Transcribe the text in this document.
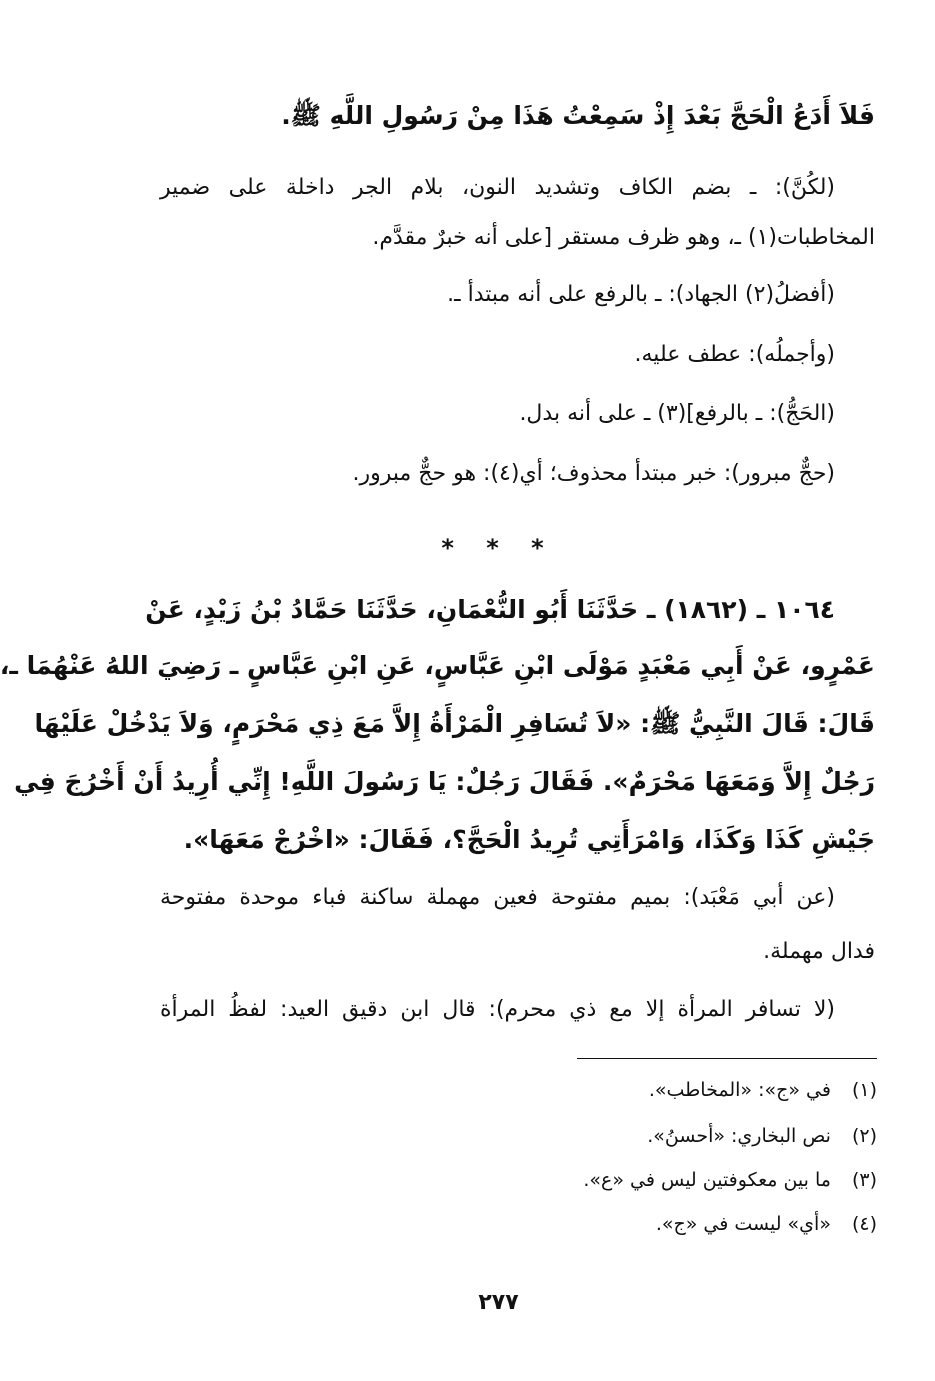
فَلاَ أَدَعُ الْحَجَّ بَعْدَ إِذْ سَمِعْتُ هَذَا مِنْ رَسُولِ اللَّهِ ﷺ.
(لكُنَّ): ـ بضم الكاف وتشديد النون، بلام الجر داخلة على ضمير
المخاطبات(١) ـ، وهو ظرف مستقر [على أنه خبرٌ مقدَّم.
(أفضلُ(٢) الجهاد): ـ بالرفع على أنه مبتدأ ـ.
(وأجملُه): عطف عليه.
(الحَجُّ): ـ بالرفع](٣) ـ على أنه بدل.
(حجٌّ مبرور): خبر مبتدأ محذوف؛ أي(٤): هو حجٌّ مبرور.
* * *
١٠٦٤ ـ (١٨٦٢) ـ حَدَّثَنَا أَبُو النُّعْمَانِ، حَدَّثَنَا حَمَّادُ بْنُ زَيْدٍ، عَنْ
عَمْرٍو، عَنْ أَبِي مَعْبَدٍ مَوْلَى ابْنِ عَبَّاسٍ، عَنِ ابْنِ عَبَّاسٍ ـ رَضِيَ اللهُ عَنْهُمَا ـ،
قَالَ: قَالَ النَّبِيُّ ﷺ: «لاَ تُسَافِرِ الْمَرْأَةُ إِلاَّ مَعَ ذِي مَحْرَمٍ، وَلاَ يَدْخُلْ عَلَيْهَا
رَجُلٌ إِلاَّ وَمَعَهَا مَحْرَمٌ». فَقَالَ رَجُلٌ: يَا رَسُولَ اللَّهِ! إِنِّي أُرِيدُ أَنْ أَخْرُجَ فِي
جَيْشِ كَذَا وَكَذَا، وَامْرَأَتِي تُرِيدُ الْحَجَّ؟، فَقَالَ: «اخْرُجْ مَعَهَا».
(عن أبي مَعْبَد): بميم مفتوحة فعين مهملة ساكنة فباء موحدة مفتوحة
فدال مهملة.
(لا تسافر المرأة إلا مع ذي محرم): قال ابن دقيق العيد: لفظُ المرأة
(١) في «ج»: «المخاطب».
(٢) نص البخاري: «أحسنُ».
(٣) ما بين معكوفتين ليس في «ع».
(٤) «أي» ليست في «ج».
٢٧٧
